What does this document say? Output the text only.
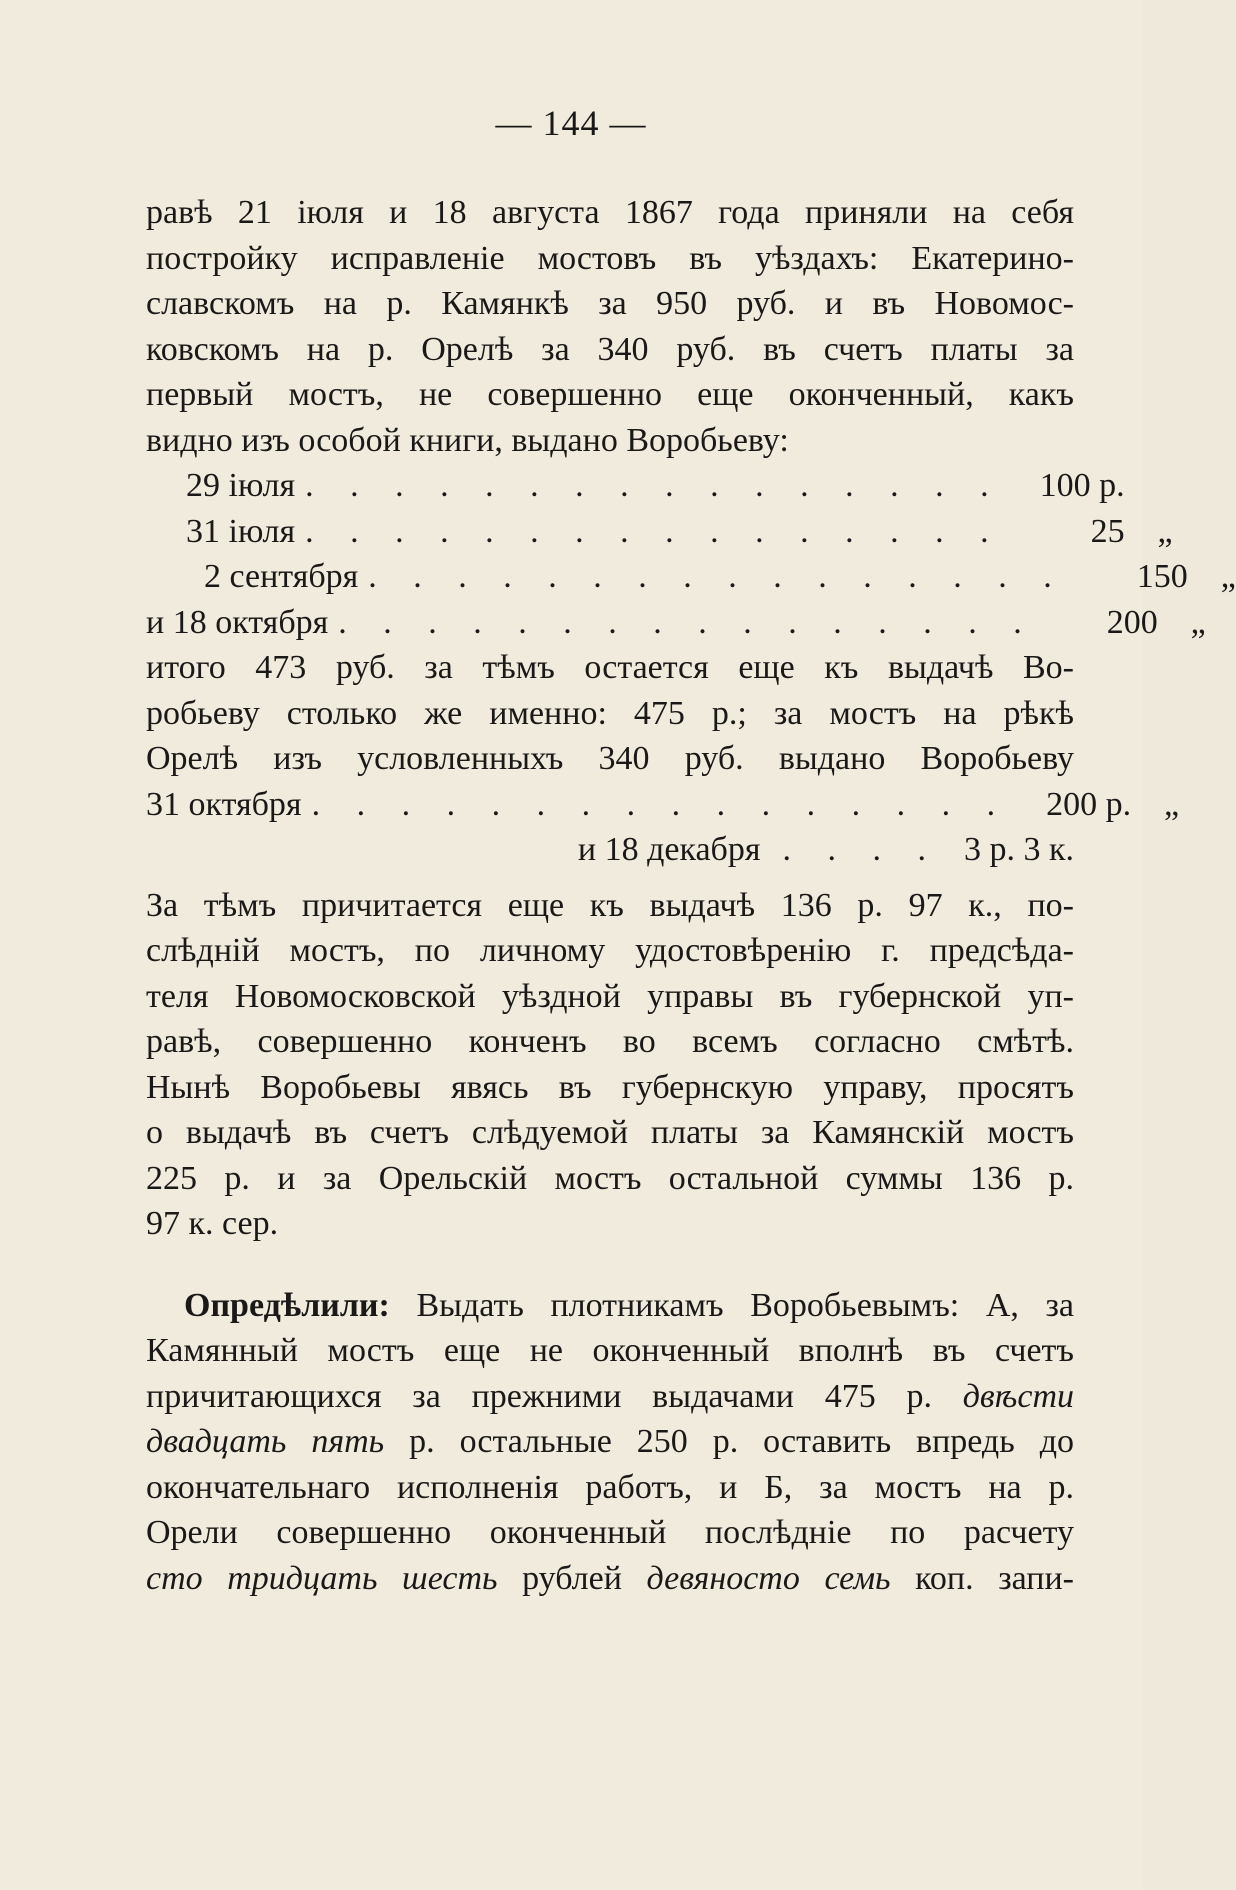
— 144 —
равѣ 21 іюля и 18 августа 1867 года приняли на себя
постройку исправленіе мостовъ въ уѣздахъ: Екатерино-
славскомъ на р. Камянкѣ за 950 руб. и въ Новомос-
ковскомъ на р. Орелѣ за 340 руб. въ счетъ платы за
первый мостъ, не совершенно еще оконченный, какъ
видно изъ особой книги, выдано Воробьеву:
29 іюля . . . . . . . . . . . . . . . .	100 р.
31 іюля . . . . . . . . . . . . . . . .	25 „
2 сентября . . . . . . . . . . . . . . . .	150 „
и 18 октября . . . . . . . . . . . . . . . .	200 „
итого 473 руб. за тѣмъ остается еще къ выдачѣ Во-
робьеву столько же именно: 475 р.; за мостъ на рѣкѣ
Орелѣ изъ условленныхъ 340 руб. выдано Воробьеву
31 октября . . . . . . . . . . . . . . . .	200 р. „
и 18 декабря . . . . 3 р. 3 к.
За тѣмъ причитается еще къ выдачѣ 136 р. 97 к., по-
слѣдній мостъ, по личному удостовѣренію г. предсѣда-
теля Новомосковской уѣздной управы въ губернской уп-
равѣ, совершенно конченъ во всемъ согласно смѣтѣ.
Нынѣ Воробьевы явясь въ губернскую управу, просятъ
о выдачѣ въ счетъ слѣдуемой платы за Камянскій мостъ
225 р. и за Орельскій мостъ остальной суммы 136 р.
97 к. сер.
Опредѣлили: Выдать плотникамъ Воробьевымъ: А, за
Камянный мостъ еще не оконченный вполнѣ въ счетъ
причитающихся за прежними выдачами 475 р. двѣсти
двадцать пять р. остальные 250 р. оставить впредь до
окончательнаго исполненія работъ, и Б, за мостъ на р.
Орели совершенно оконченный послѣдніе по расчету
сто тридцать шесть рублей девяносто семь коп. запи-
